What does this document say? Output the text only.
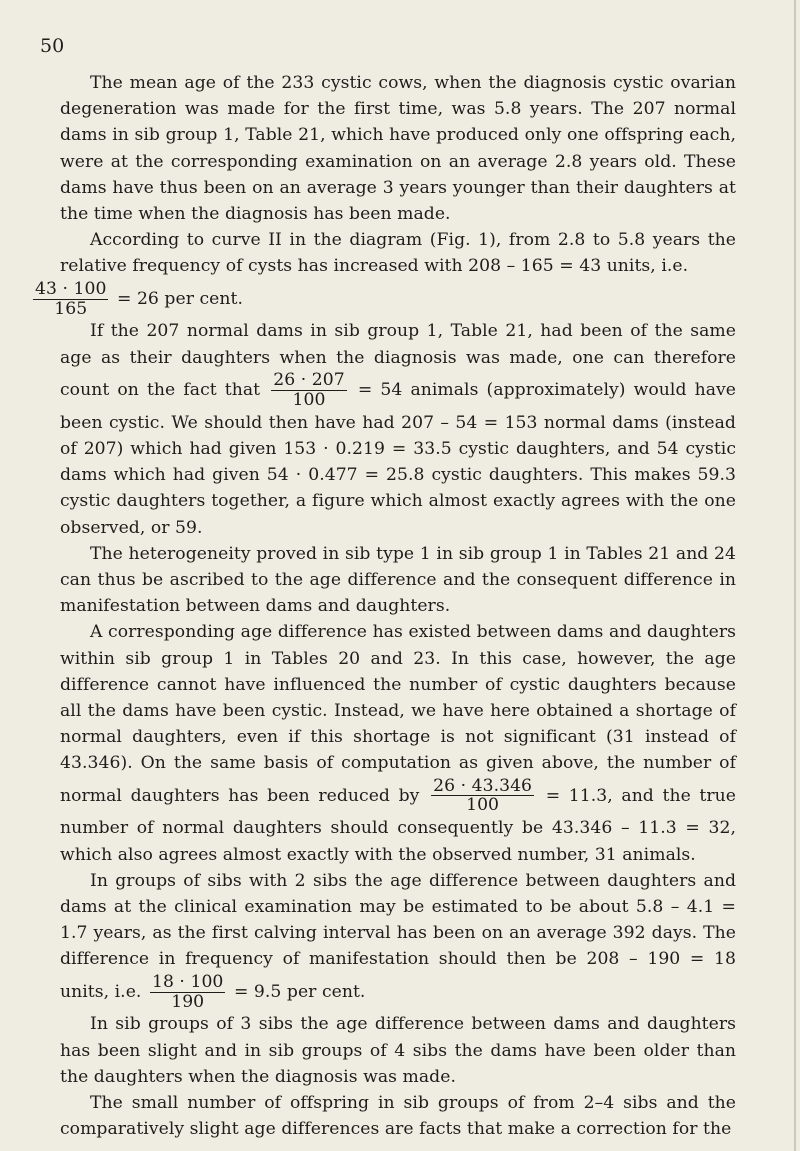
50

The mean age of the 233 cystic cows, when the diagnosis cystic ovarian degeneration was made for the first time, was 5.8 years. The 207 normal dams in sib group 1, Table 21, which have produced only one offspring each, were at the corresponding examination on an average 2.8 years old. These dams have thus been on an average 3 years younger than their daughters at the time when the diagnosis has been made.

According to curve II in the diagram (Fig. 1), from 2.8 to 5.8 years the relative frequency of cysts has increased with 208 – 165 = 43 units, i.e.

$\frac{43 \cdot 100}{165} = 26$ per cent.

If the 207 normal dams in sib group 1, Table 21, had been of the same age as their daughters when the diagnosis was made, one can therefore count on the fact that $\frac{26 \cdot 207}{100} = 54$ animals (approximately) would have been cystic. We should then have had 207 – 54 = 153 normal dams (instead of 207) which had given 153 · 0.219 = 33.5 cystic daughters, and 54 cystic dams which had given 54 · 0.477 = 25.8 cystic daughters. This makes 59.3 cystic daughters together, a figure which almost exactly agrees with the one observed, or 59.

The heterogeneity proved in sib type 1 in sib group 1 in Tables 21 and 24 can thus be ascribed to the age difference and the consequent difference in manifestation between dams and daughters.

A corresponding age difference has existed between dams and daughters within sib group 1 in Tables 20 and 23. In this case, however, the age difference cannot have influenced the number of cystic daughters because all the dams have been cystic. Instead, we have here obtained a shortage of normal daughters, even if this shortage is not significant (31 instead of 43.346). On the same basis of computation as given above, the number of normal daughters has been reduced by $\frac{26 \cdot 43.346}{100} = 11.3$, and the true number of normal daughters should consequently be 43.346 – 11.3 = 32, which also agrees almost exactly with the observed number, 31 animals.

In groups of sibs with 2 sibs the age difference between daughters and dams at the clinical examination may be estimated to be about 5.8 – 4.1 = 1.7 years, as the first calving interval has been on an average 392 days. The difference in frequency of manifestation should then be 208 – 190 = 18 units, i.e. $\frac{18 \cdot 100}{190} = 9.5$ per cent.

In sib groups of 3 sibs the age difference between dams and daughters has been slight and in sib groups of 4 sibs the dams have been older than the daughters when the diagnosis was made.

The small number of offspring in sib groups of from 2–4 sibs and the comparatively slight age differences are facts that make a correction for the
